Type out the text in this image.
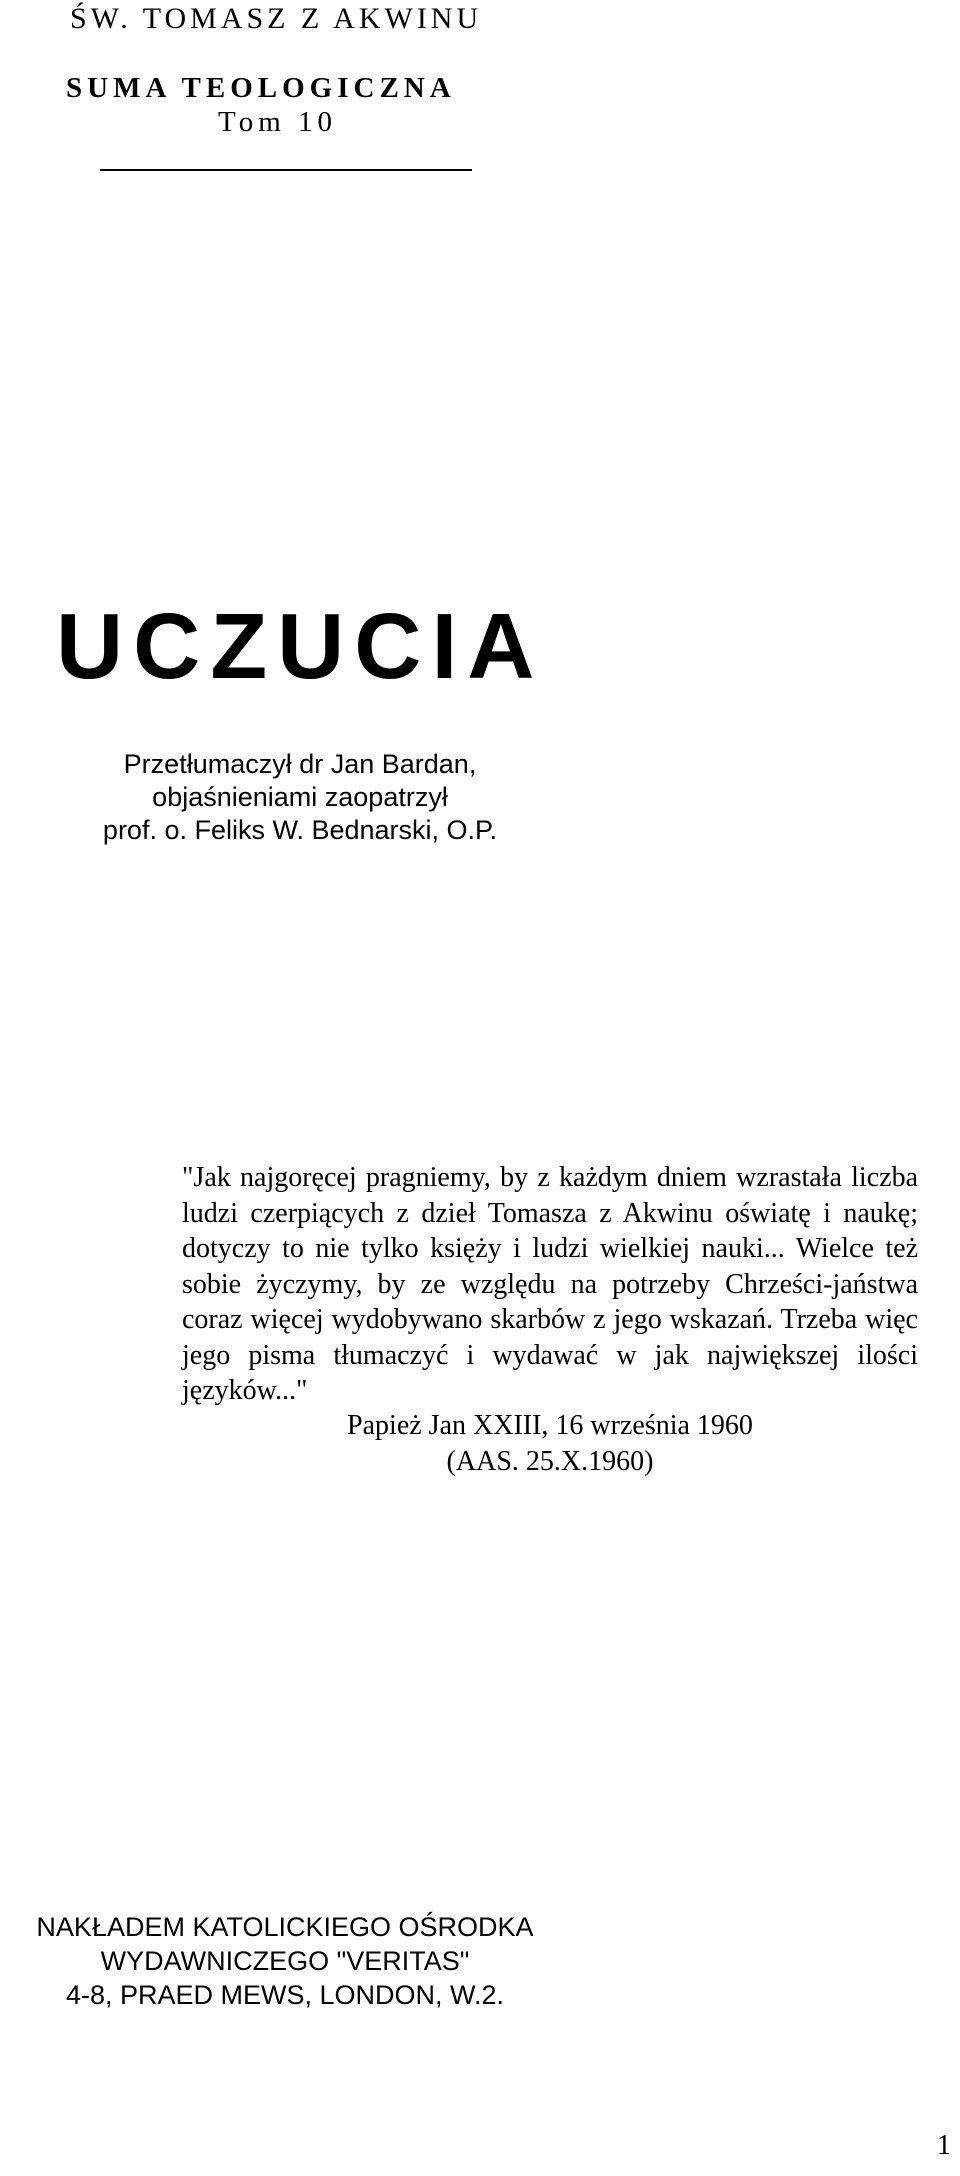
ŚW. TOMASZ Z AKWINU
SUMA TEOLOGICZNA
Tom 10
UCZUCIA
Przetłumaczył dr Jan Bardan,
objaśnieniami zaopatrzył
prof. o. Feliks W. Bednarski, O.P.
"Jak najgoręcej pragniemy, by z każdym dniem wzrastała liczba ludzi czerpiących z dzieł Tomasza z Akwinu oświatę i naukę; dotyczy to nie tylko księży i ludzi wielkiej nauki... Wielce też sobie życzymy, by ze względu na potrzeby Chrześci-jaństwa coraz więcej wydobywano skarbów z jego wskazań. Trzeba więc jego pisma tłumaczyć i wydawać w jak największej ilości języków..."
Papież Jan XXIII, 16 września 1960
(AAS. 25.X.1960)
NAKŁADEM KATOLICKIEGO OŚRODKA
WYDAWNICZEGO "VERITAS"
4-8, PRAED MEWS, LONDON, W.2.
1
